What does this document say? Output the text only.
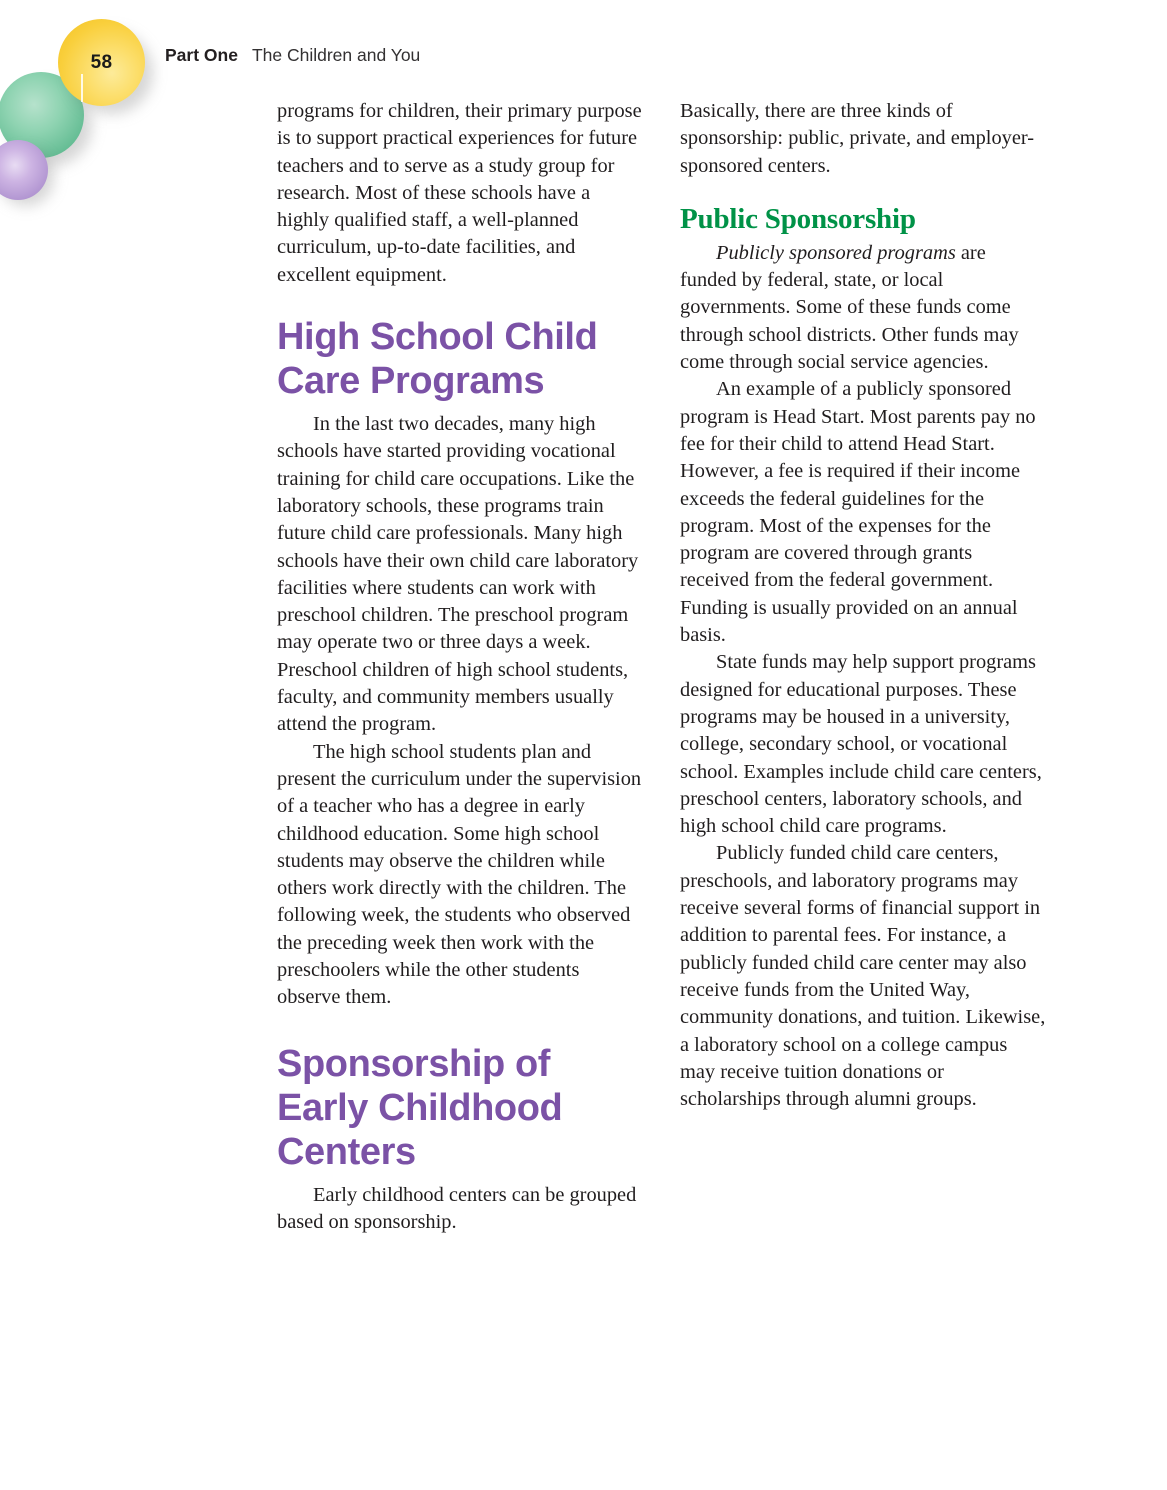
58	Part One The Children and You

programs for children, their primary purpose is to support practical experiences for future teachers and to serve as a study group for research. Most of these schools have a highly qualified staff, a well-planned curriculum, up-to-date facilities, and excellent equipment.

High School Child Care Programs

In the last two decades, many high schools have started providing vocational training for child care occupations. Like the laboratory schools, these programs train future child care professionals. Many high schools have their own child care laboratory facilities where students can work with preschool children. The preschool program may operate two or three days a week. Preschool children of high school students, faculty, and community members usually attend the program.

The high school students plan and present the curriculum under the supervision of a teacher who has a degree in early childhood education. Some high school students may observe the children while others work directly with the children. The following week, the students who observed the preceding week then work with the preschoolers while the other students observe them.

Sponsorship of Early Childhood Centers

Early childhood centers can be grouped based on sponsorship.

Basically, there are three kinds of sponsorship: public, private, and employer-sponsored centers.

Public Sponsorship

Publicly sponsored programs are funded by federal, state, or local governments. Some of these funds come through school districts. Other funds may come through social service agencies.

An example of a publicly sponsored program is Head Start. Most parents pay no fee for their child to attend Head Start. However, a fee is required if their income exceeds the federal guidelines for the program. Most of the expenses for the program are covered through grants received from the federal government. Funding is usually provided on an annual basis.

State funds may help support programs designed for educational purposes. These programs may be housed in a university, college, secondary school, or vocational school. Examples include child care centers, preschool centers, laboratory schools, and high school child care programs.

Publicly funded child care centers, preschools, and laboratory programs may receive several forms of financial support in addition to parental fees. For instance, a publicly funded child care center may also receive funds from the United Way, community donations, and tuition. Likewise, a laboratory school on a college campus may receive tuition donations or scholarships through alumni groups.
